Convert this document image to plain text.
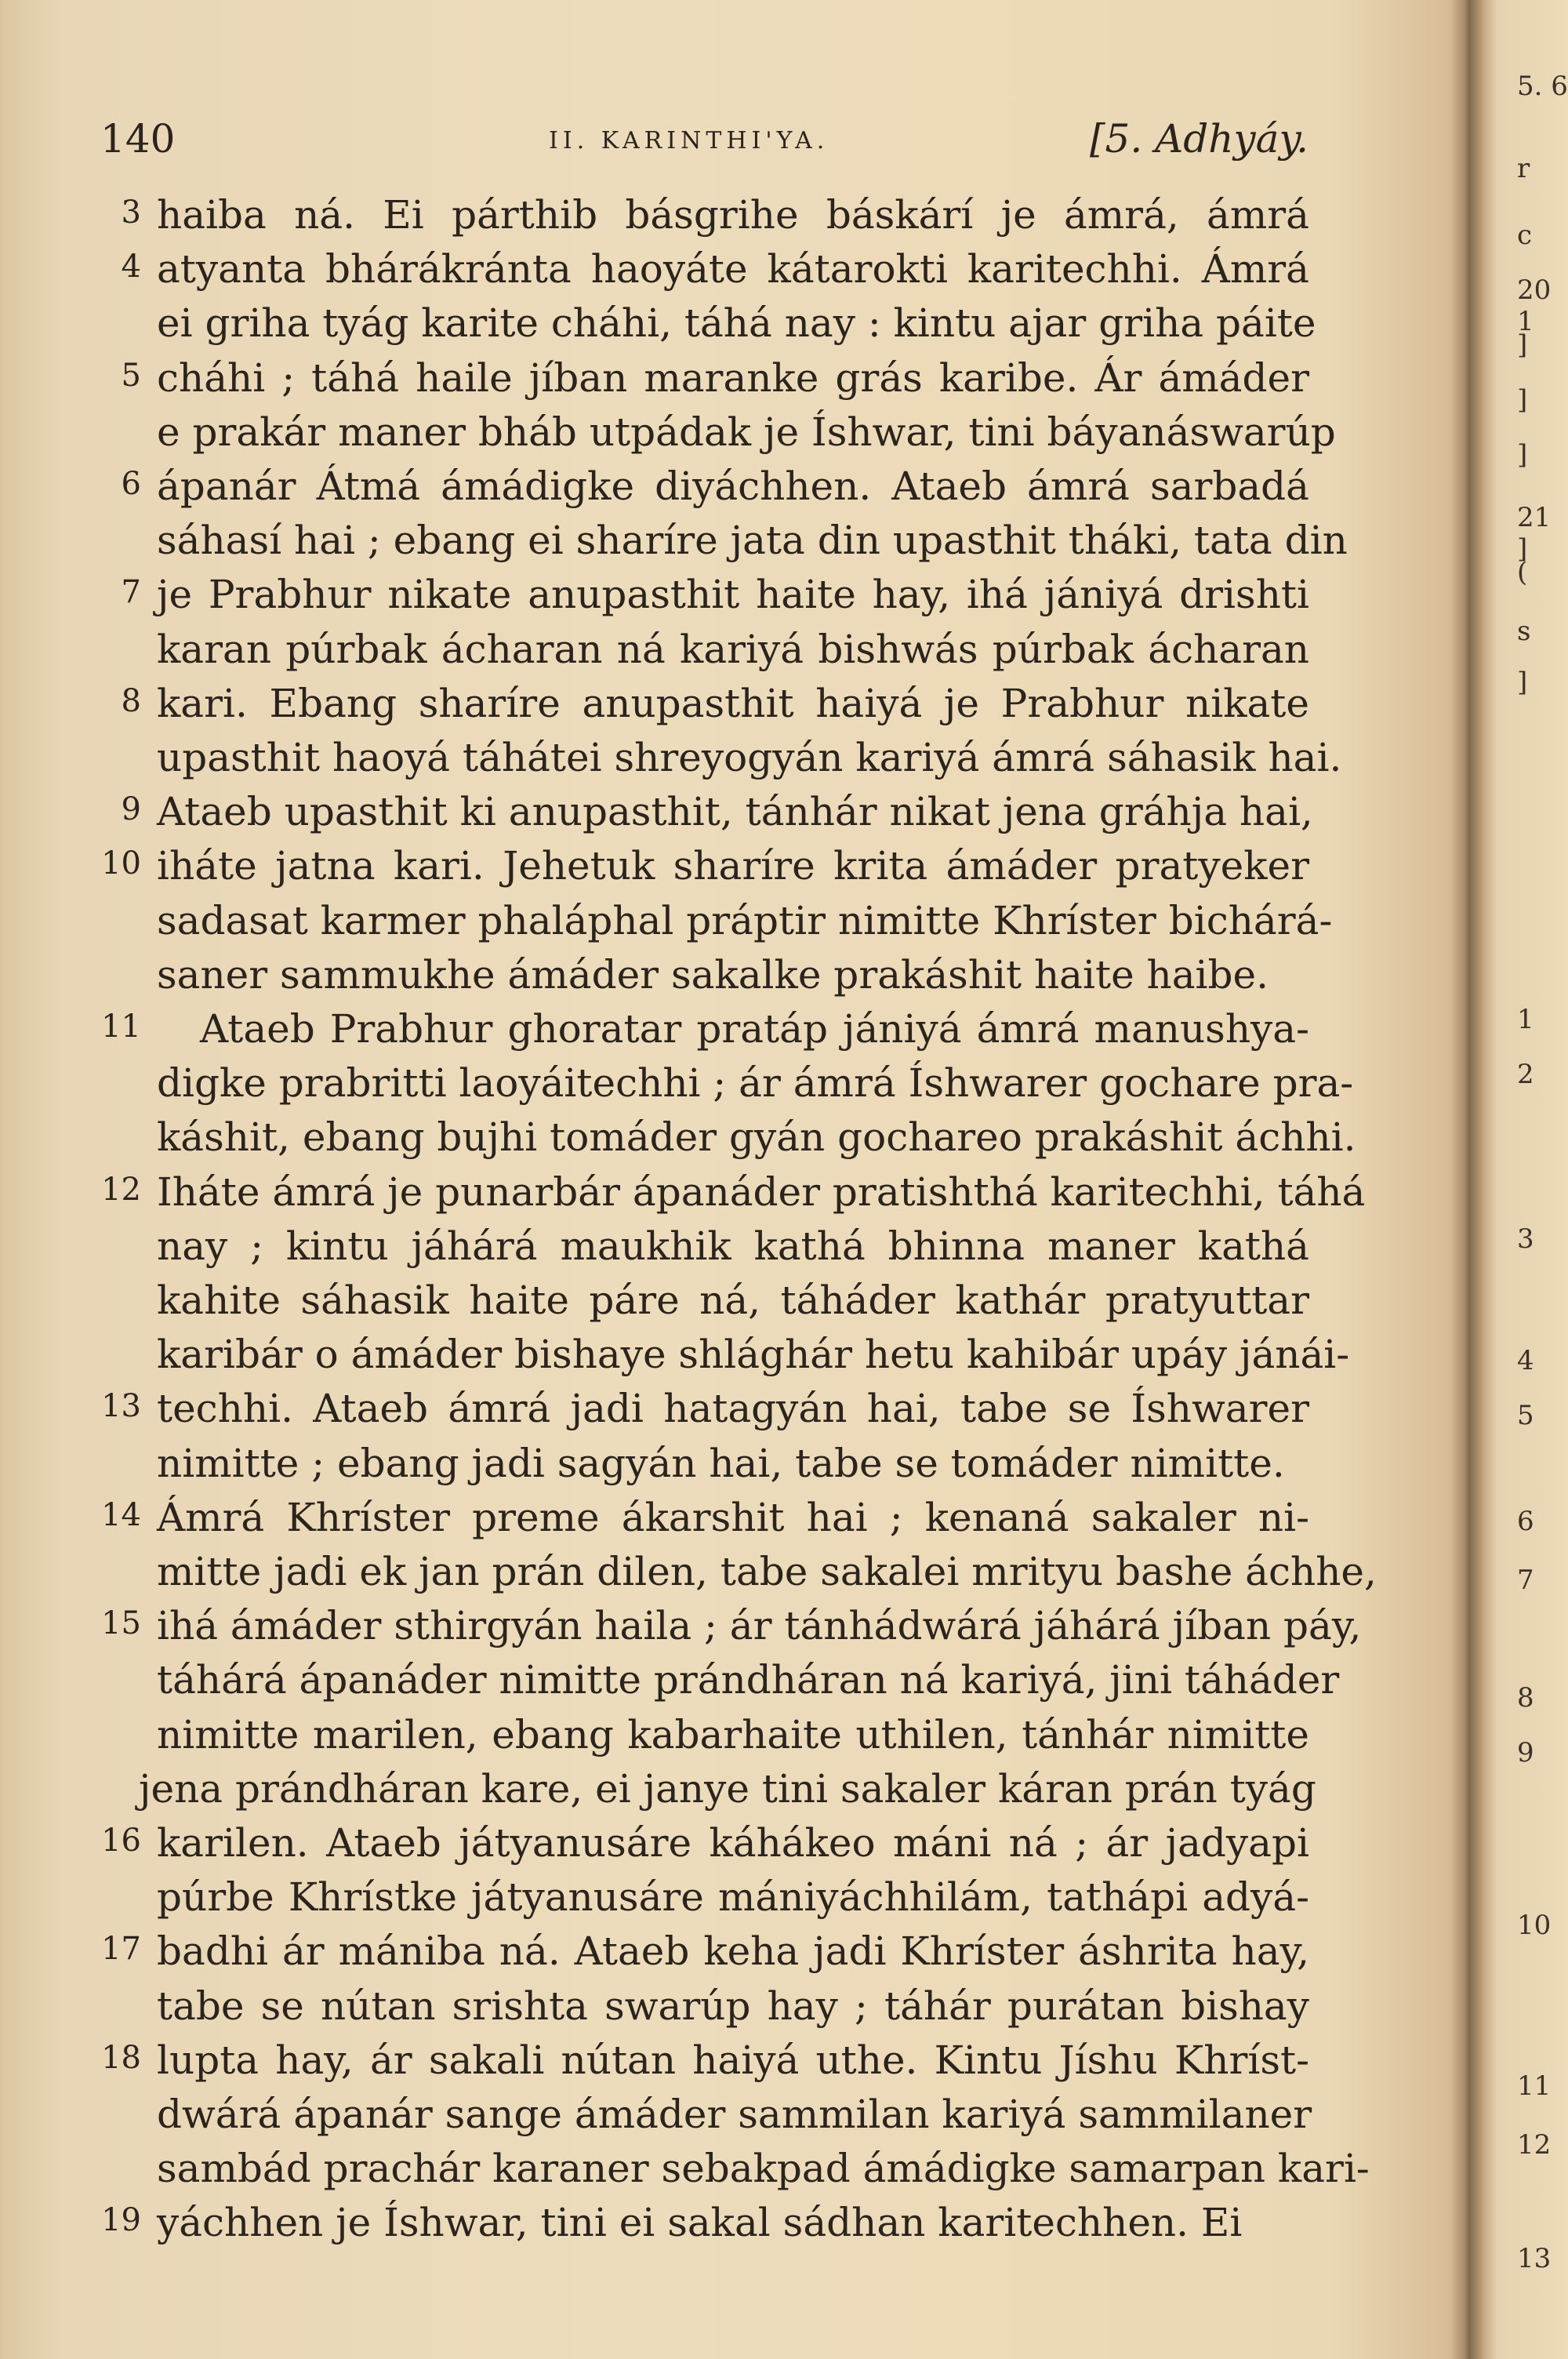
140	II. KARINTHI'YA.	[5. Adhyáy.
3 haiba ná. Ei párthib básgrihe báskárí je ámrá, ámrá
4 atyanta bhárákránta haoyáte kátarokti karitechhi. Ámrá
ei griha tyág karite cháhi, táhá nay : kintu ajar griha páite
5 cháhi ; táhá haile jíban maranke grás karibe. Ár ámáder
e prakár maner bháb utpádak je Íshwar, tini báyanáswarúp
6 ápanár Átmá ámádigke diyáchhen. Ataeb ámrá sarbadá
sáhasí hai ; ebang ei sharíre jata din upasthit tháki, tata din
7 je Prabhur nikate anupasthit haite hay, ihá jániyá drishti
karan púrbak ácharan ná kariyá bishwás púrbak ácharan
8 kari. Ebang sharíre anupasthit haiyá je Prabhur nikate
upasthit haoyá táhátei shreyogyán kariyá ámrá sáhasik hai.
9 Ataeb upasthit ki anupasthit, tánhár nikat jena gráhja hai,
10 iháte jatna kari. Jehetuk sharíre krita ámáder pratyeker
sadasat karmer phaláphal práptir nimitte Khríster bichárá-
saner sammukhe ámáder sakalke prakáshit haite haibe.
11 Ataeb Prabhur ghoratar pratáp jániyá ámrá manushya-
digke prabritti laoyáitechhi ; ár ámrá Íshwarer gochare pra-
káshit, ebang bujhi tomáder gyán gochareo prakáshit áchhi.
12 Iháte ámrá je punarbár ápanáder pratishthá karitechhi, táhá
nay ; kintu jáhárá maukhik kathá bhinna maner kathá
kahite sáhasik haite páre ná, táháder kathár pratyuttar
karibár o ámáder bishaye shlághár hetu kahibár upáy jánái-
13 techhi. Ataeb ámrá jadi hatagyán hai, tabe se Íshwarer
nimitte ; ebang jadi sagyán hai, tabe se tomáder nimitte.
14 Ámrá Khríster preme ákarshit hai ; kenaná sakaler ni-
mitte jadi ek jan prán dilen, tabe sakalei mrityu bashe áchhe,
15 ihá ámáder sthirgyán haila ; ár tánhádwárá jáhárá jíban páy,
táhárá ápanáder nimitte prándháran ná kariyá, jini táháder
nimitte marilen, ebang kabarhaite uthilen, tánhár nimitte
jena prándháran kare, ei janye tini sakaler káran prán tyág
16 karilen. Ataeb játyanusáre káhákeo máni ná ; ár jadyapi
púrbe Khrístke játyanusáre mániyáchhilám, tathápi adyá-
17 badhi ár mániba ná. Ataeb keha jadi Khríster áshrita hay,
tabe se nútan srishta swarúp hay ; táhár purátan bishay
18 lupta hay, ár sakali nútan haiyá uthe. Kintu Jíshu Khríst-
dwárá ápanár sange ámáder sammilan kariyá sammilaner
sambád prachár karaner sebakpad ámádigke samarpan kari-
19 yáchhen je Íshwar, tini ei sakal sádhan karitechhen. Ei
5. 6
r
c
20 1
]
]
]
21 ]
(
s
]
1
2
3
4
5
6
7
8
9
10
11
12
13
